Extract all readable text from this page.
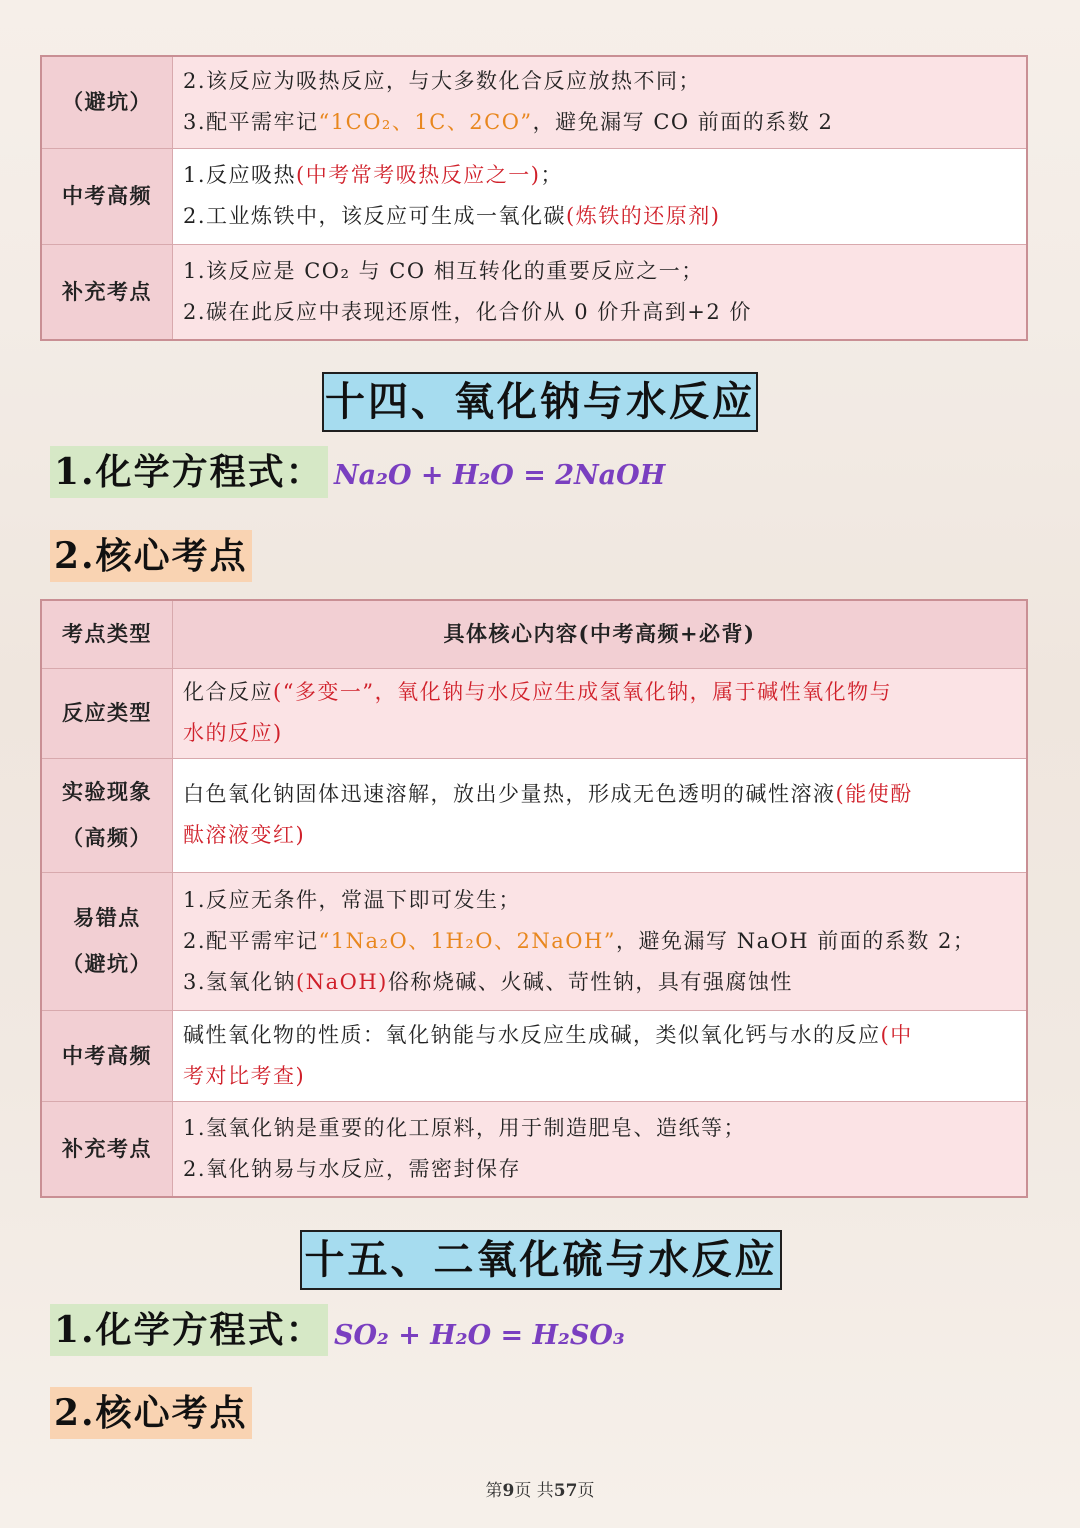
（避坑）	2.该反应为吸热反应，与大多数化合反应放热不同；
3.配平需牢记“1CO₂、1C、2CO”，避免漏写 CO 前面的系数 2

中考高频	1.反应吸热(中考常考吸热反应之一)；
2.工业炼铁中，该反应可生成一氧化碳(炼铁的还原剂)

补充考点	1.该反应是 CO₂ 与 CO 相互转化的重要反应之一；
2.碳在此反应中表现还原性，化合价从 0 价升高到+2 价
十四、氧化钠与水反应
1.化学方程式： Na₂O + H₂O = 2NaOH
2.核心考点
考点类型	具体核心内容(中考高频+必背)

反应类型	化合反应(“多变一”，氧化钠与水反应生成氢氧化钠，属于碱性氧化物与
水的反应)

实验现象
（高频）	白色氧化钠固体迅速溶解，放出少量热，形成无色透明的碱性溶液(能使酚
酞溶液变红)

易错点
（避坑）	1.反应无条件，常温下即可发生；
2.配平需牢记“1Na₂O、1H₂O、2NaOH”，避免漏写 NaOH 前面的系数 2；
3.氢氧化钠(NaOH)俗称烧碱、火碱、苛性钠，具有强腐蚀性

中考高频	碱性氧化物的性质：氧化钠能与水反应生成碱，类似氧化钙与水的反应(中
考对比考查)

补充考点	1.氢氧化钠是重要的化工原料，用于制造肥皂、造纸等；
2.氧化钠易与水反应，需密封保存
十五、二氧化硫与水反应
1.化学方程式： SO₂ + H₂O = H₂SO₃
2.核心考点
第9页 共57页
